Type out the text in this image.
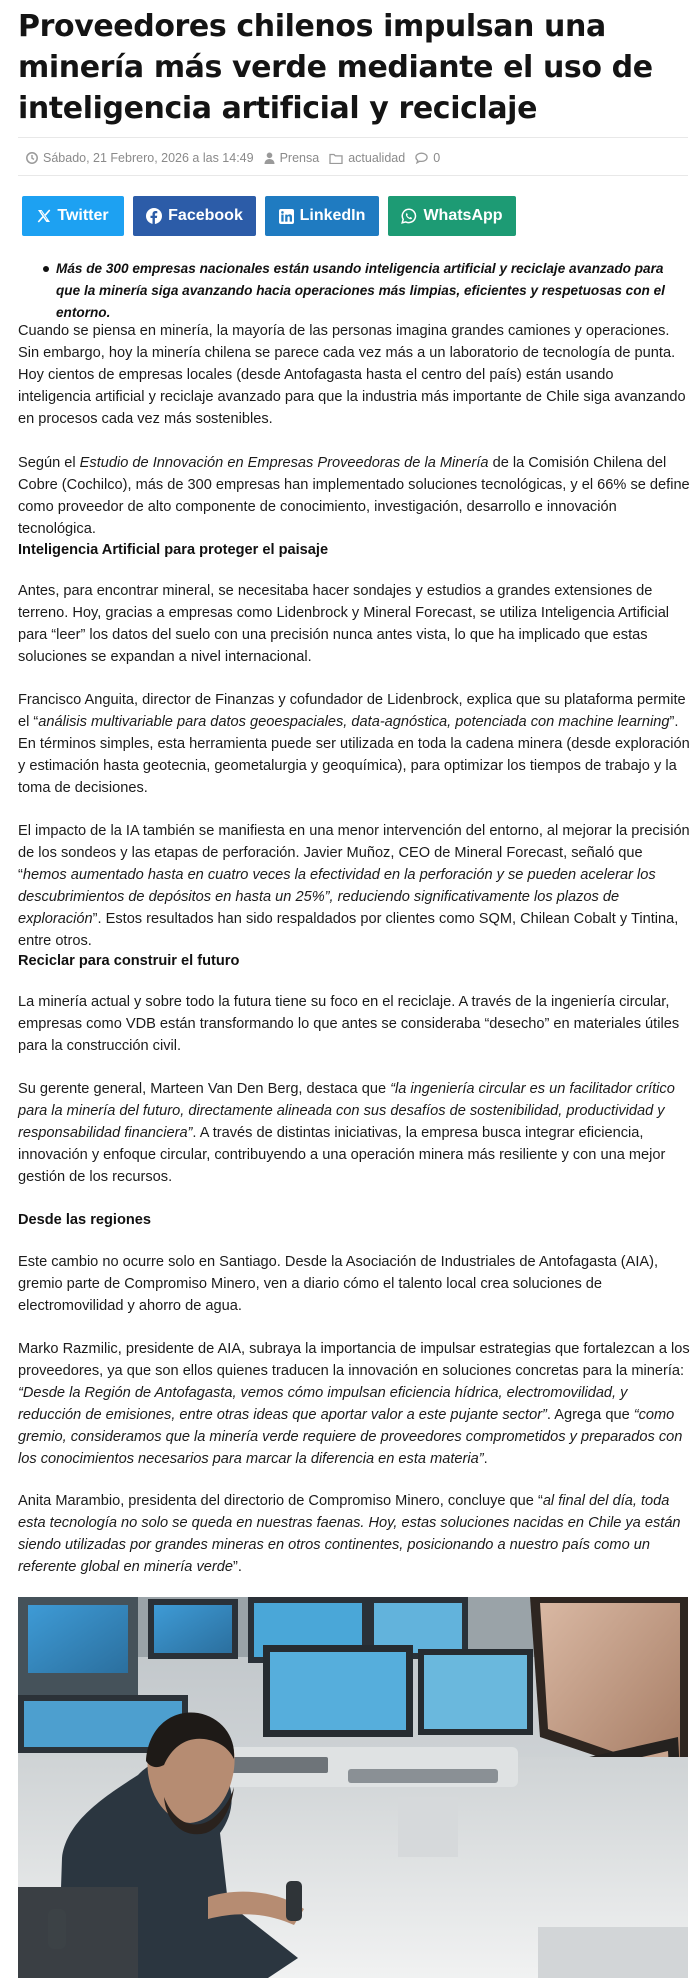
Proveedores chilenos impulsan una minería más verde mediante el uso de inteligencia artificial y reciclaje
Sábado, 21 Febrero, 2026 a las 14:49 Prensa actualidad 0
Twitter	Facebook	LinkedIn	WhatsApp

Más de 300 empresas nacionales están usando inteligencia artificial y reciclaje avanzado para que la minería siga avanzando hacia operaciones más limpias, eficientes y respetuosas con el entorno.

Cuando se piensa en minería, la mayoría de las personas imagina grandes camiones y operaciones. Sin embargo, hoy la minería chilena se parece cada vez más a un laboratorio de tecnología de punta. Hoy cientos de empresas locales (desde Antofagasta hasta el centro del país) están usando inteligencia artificial y reciclaje avanzado para que la industria más importante de Chile siga avanzando en procesos cada vez más sostenibles.

Según el Estudio de Innovación en Empresas Proveedoras de la Minería de la Comisión Chilena del Cobre (Cochilco), más de 300 empresas han implementado soluciones tecnológicas, y el 66% se define como proveedor de alto componente de conocimiento, investigación, desarrollo e innovación tecnológica.

Inteligencia Artificial para proteger el paisaje

Antes, para encontrar mineral, se necesitaba hacer sondajes y estudios a grandes extensiones de terreno. Hoy, gracias a empresas como Lidenbrock y Mineral Forecast, se utiliza Inteligencia Artificial para “leer” los datos del suelo con una precisión nunca antes vista, lo que ha implicado que estas soluciones se expandan a nivel internacional.

Francisco Anguita, director de Finanzas y cofundador de Lidenbrock, explica que su plataforma permite el “análisis multivariable para datos geoespaciales, data-agnóstica, potenciada con machine learning”. En términos simples, esta herramienta puede ser utilizada en toda la cadena minera (desde exploración y estimación hasta geotecnia, geometalurgia y geoquímica), para optimizar los tiempos de trabajo y la toma de decisiones.

El impacto de la IA también se manifiesta en una menor intervención del entorno, al mejorar la precisión de los sondeos y las etapas de perforación. Javier Muñoz, CEO de Mineral Forecast, señaló que “hemos aumentado hasta en cuatro veces la efectividad en la perforación y se pueden acelerar los descubrimientos de depósitos en hasta un 25%”, reduciendo significativamente los plazos de exploración”. Estos resultados han sido respaldados por clientes como SQM, Chilean Cobalt y Tintina, entre otros.

Reciclar para construir el futuro

La minería actual y sobre todo la futura tiene su foco en el reciclaje. A través de la ingeniería circular, empresas como VDB están transformando lo que antes se consideraba “desecho” en materiales útiles para la construcción civil.

Su gerente general, Marteen Van Den Berg, destaca que “la ingeniería circular es un facilitador crítico para la minería del futuro, directamente alineada con sus desafíos de sostenibilidad, productividad y responsabilidad financiera”. A través de distintas iniciativas, la empresa busca integrar eficiencia, innovación y enfoque circular, contribuyendo a una operación minera más resiliente y con una mejor gestión de los recursos.

Desde las regiones

Este cambio no ocurre solo en Santiago. Desde la Asociación de Industriales de Antofagasta (AIA), gremio parte de Compromiso Minero, ven a diario cómo el talento local crea soluciones de electromovilidad y ahorro de agua.

Marko Razmilic, presidente de AIA, subraya la importancia de impulsar estrategias que fortalezcan a los proveedores, ya que son ellos quienes traducen la innovación en soluciones concretas para la minería: “Desde la Región de Antofagasta, vemos cómo impulsan eficiencia hídrica, electromovilidad, y reducción de emisiones, entre otras ideas que aportar valor a este pujante sector”. Agrega que “como gremio, consideramos que la minería verde requiere de proveedores comprometidos y preparados con los conocimientos necesarios para marcar la diferencia en esta materia”.

Anita Marambio, presidenta del directorio de Compromiso Minero, concluye que “al final del día, toda esta tecnología no solo se queda en nuestras faenas. Hoy, estas soluciones nacidas en Chile ya están siendo utilizadas por grandes mineras en otros continentes, posicionando a nuestro país como un referente global en minería verde”.
